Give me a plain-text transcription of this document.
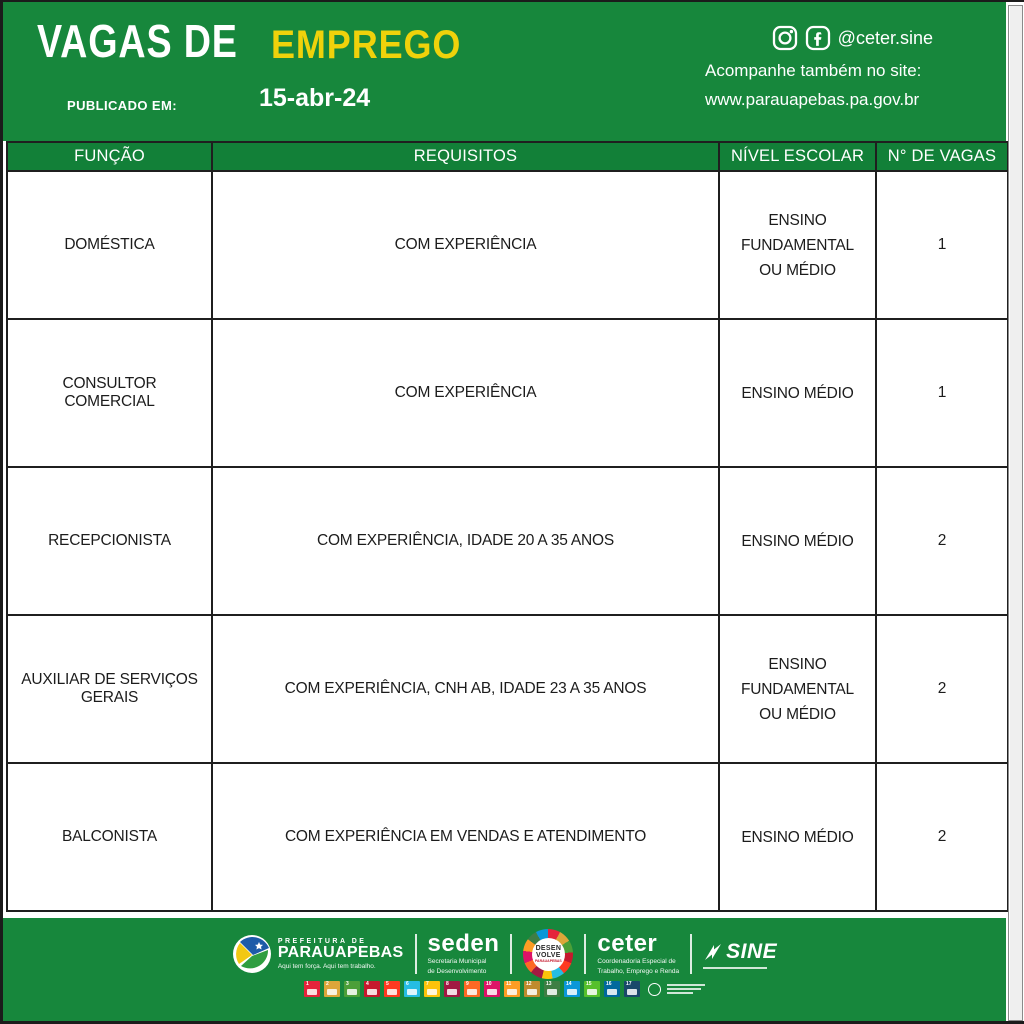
VAGAS DE EMPREGO
PUBLICADO EM:	15-abr-24
@ceter.sine
Acompanhe também no site:
www.parauapebas.pa.gov.br
FUNÇÃO	REQUISITOS	NÍVEL ESCOLAR	N° DE VAGAS
DOMÉSTICA	COM EXPERIÊNCIA	ENSINO FUNDAMENTAL OU MÉDIO	1
CONSULTOR COMERCIAL	COM EXPERIÊNCIA	ENSINO MÉDIO	1
RECEPCIONISTA	COM EXPERIÊNCIA, IDADE 20 A 35 ANOS	ENSINO MÉDIO	2
AUXILIAR DE SERVIÇOS GERAIS	COM EXPERIÊNCIA, CNH AB, IDADE 23 A 35 ANOS	ENSINO FUNDAMENTAL OU MÉDIO	2
BALCONISTA	COM EXPERIÊNCIA EM VENDAS E ATENDIMENTO	ENSINO MÉDIO	2
PREFEITURA DE
PARAUAPEBAS
Aqui tem força. Aqui tem trabalho.
seden
Secretaria Municipal
de Desenvolvimento
DESEN
VOLVE
PARAUAPEBAS
ceter
Coordenadoria Especial de
Trabalho, Emprego e Renda
SINE
1	2	3	4	5	6	7	8	9	10	11	12	13	14	15	16	17
